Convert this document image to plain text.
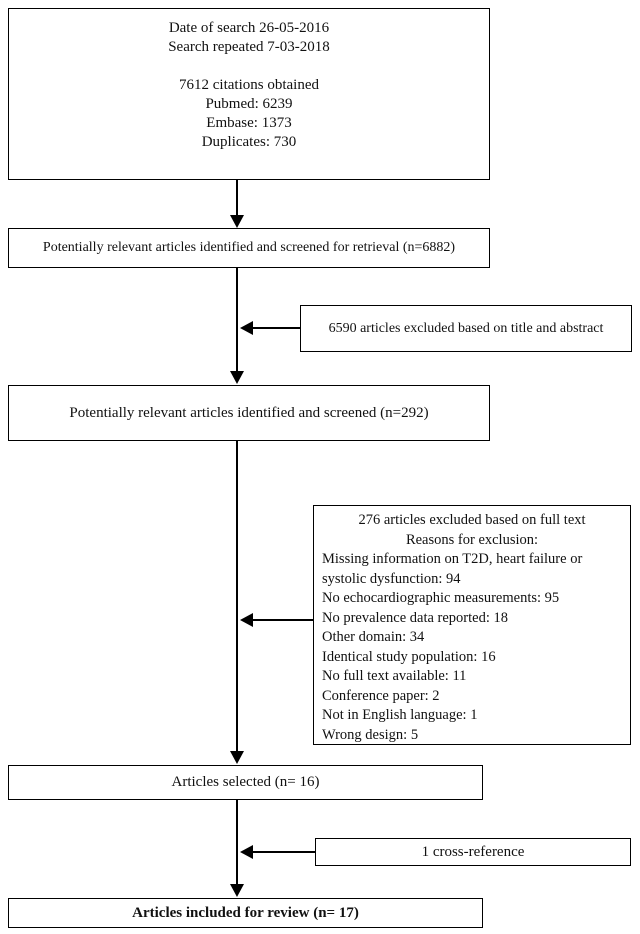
Date of search 26-05-2016
Search repeated 7-03-2018
7612 citations obtained
Pubmed: 6239
Embase: 1373
Duplicates: 730
Potentially relevant articles identified and screened for retrieval (n=6882)
6590 articles excluded based on title and abstract
Potentially relevant articles identified and screened (n=292)
276 articles excluded based on full text
Reasons for exclusion:
Missing information on T2D, heart failure or systolic dysfunction: 94
No echocardiographic measurements: 95
No prevalence data reported: 18
Other domain: 34
Identical study population: 16
No full text available: 11
Conference paper: 2
Not in English language: 1
Wrong design: 5
Articles selected (n= 16)
1 cross-reference
Articles included for review (n= 17)
